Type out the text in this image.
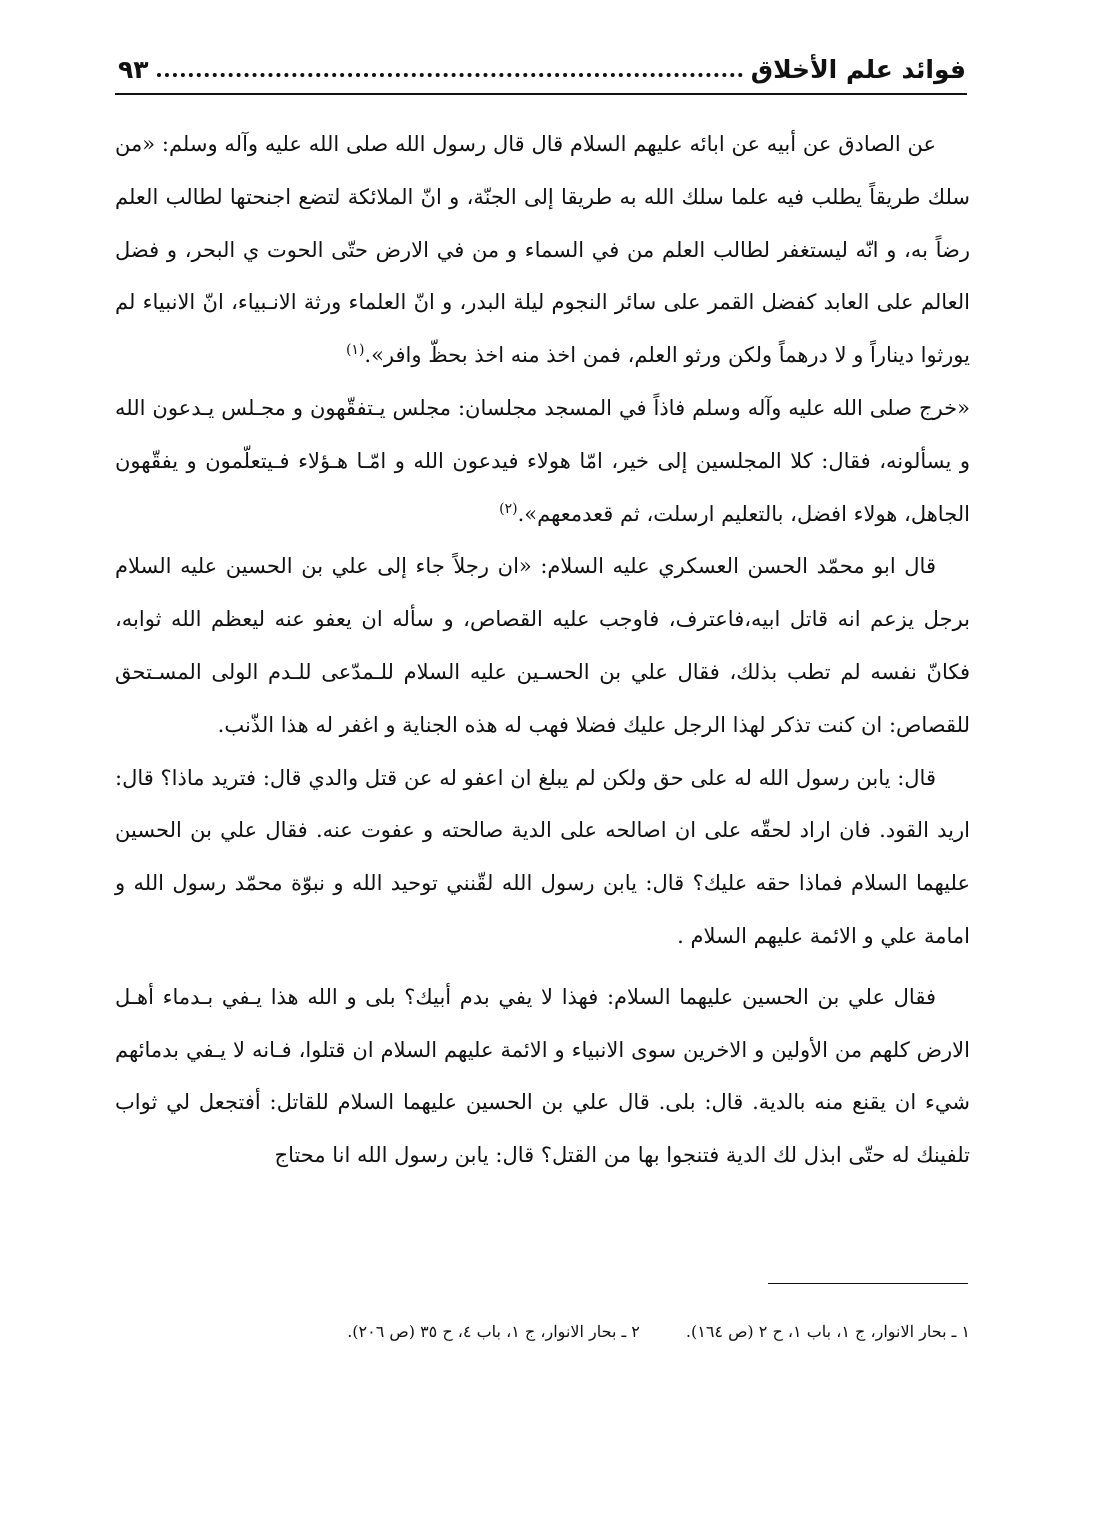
فوائد علم الأخلاق
٩٣

عن الصادق عن أبيه عن ابائه عليهم السلام قال قال رسول الله صلى الله عليه وآله وسلم: «من سلك طريقاً يطلب فيه علما سلك الله به طريقا إلى الجنّة، و انّ الملائكة لتضع اجنحتها لطالب العلم رضاً به، و انّه ليستغفر لطالب العلم من في السماء و من في الارض حتّى الحوت ي البحر، و فضل العالم على العابد كفضل القمر على سائر النجوم ليلة البدر، و انّ العلماء ورثة الانـبياء، انّ الانبياء لم يورثوا ديناراً و لا درهماً ولكن ورثو العلم، فمن اخذ منه اخذ بحظّ وافر».$^{(١)}$

«خرج صلى الله عليه وآله وسلم فاذاً في المسجد مجلسان: مجلس يـتفقّهون و مجـلس يـدعون الله و يسألونه، فقال: كلا المجلسين إلى خير، امّا هولاء فيدعون الله و امّـا هـؤلاء فـيتعلّمون و يفقّهون الجاهل، هولاء افضل، بالتعليم ارسلت، ثم قعدمعهم».$^{(٢)}$

قال ابو محمّد الحسن العسكري عليه السلام: «ان رجلاً جاء إلى علي بن الحسين عليه السلام برجل يزعم انه قاتل ابيه،فاعترف، فاوجب عليه القصاص، و سأله ان يعفو عنه ليعظم الله ثوابه، فكانّ نفسه لم تطب بذلك، فقال علي بن الحسـين عليه السلام للـمدّعى للـدم الولى المسـتحق للقصاص: ان كنت تذكر لهذا الرجل عليك فضلا فهب له هذه الجناية و اغفر له هذا الذّنب.

قال: يابن رسول الله له على حق ولكن لم يبلغ ان اعفو له عن قتل والدي قال: فتريد ماذا؟ قال: اريد القود. فان اراد لحقّه على ان اصالحه على الدية صالحته و عفوت عنه. فقال علي بن الحسين عليهما السلام فماذا حقه عليك؟ قال: يابن رسول الله لقّنني توحيد الله و نبوّة محمّد رسول الله و امامة علي و الائمة عليهم السلام .

فقال علي بن الحسين عليهما السلام: فهذا لا يفي بدم أبيك؟ بلى و الله هذا يـفي بـدماء أهـل الارض كلهم من الأولين و الاخرين سوى الانبياء و الائمة عليهم السلام ان قتلوا، فـانه لا يـفي بدمائهم شيء ان يقنع منه بالدية. قال: بلى. قال علي بن الحسين عليهما السلام للقاتل: أفتجعل لي ثواب تلفينك له حتّى ابذل لك الدية فتنجوا بها من القتل؟ قال: يابن رسول الله انا محتاج

١ ـ بحار الانوار، ج ١، باب ١، ح ٢ (ص ١٦٤).
٢ ـ بحار الانوار، ج ١، باب ٤، ح ٣٥ (ص ٢٠٦).
